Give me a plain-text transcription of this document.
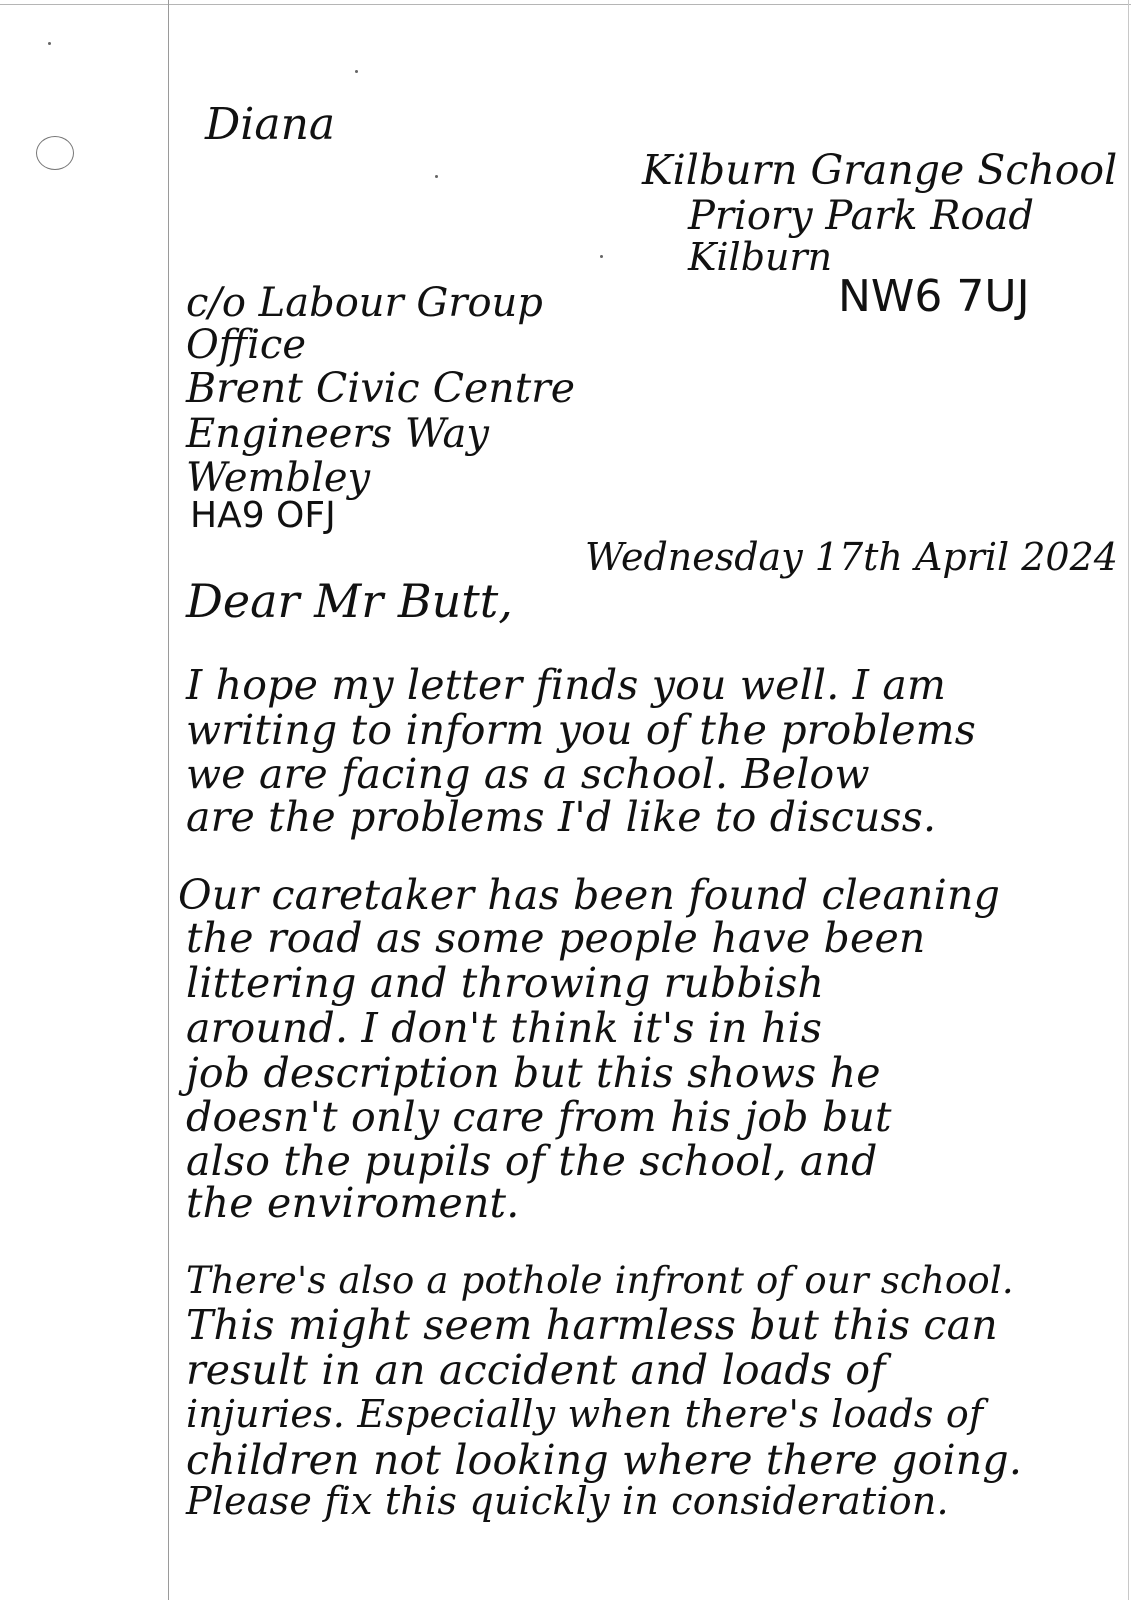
Diana
Kilburn Grange School
Priory Park Road
Kilburn
NW6 7UJ
c/o Labour Group
Office
Brent Civic Centre
Engineers Way
Wembley
HA9 OFJ
Wednesday 17th April 2024
Dear Mr Butt,
I hope my letter finds you well. I am
writing to inform you of the problems
we are facing as a school. Below
are the problems I'd like to discuss.
Our caretaker has been found cleaning
the road as some people have been
littering and throwing rubbish
around. I don't think it's in his
job description but this shows he
doesn't only care from his job but
also the pupils of the school, and
the enviroment.
There's also a pothole infront of our school.
This might seem harmless but this can
result in an accident and loads of
injuries. Especially when there's loads of
children not looking where there going.
Please fix this quickly in consideration.
